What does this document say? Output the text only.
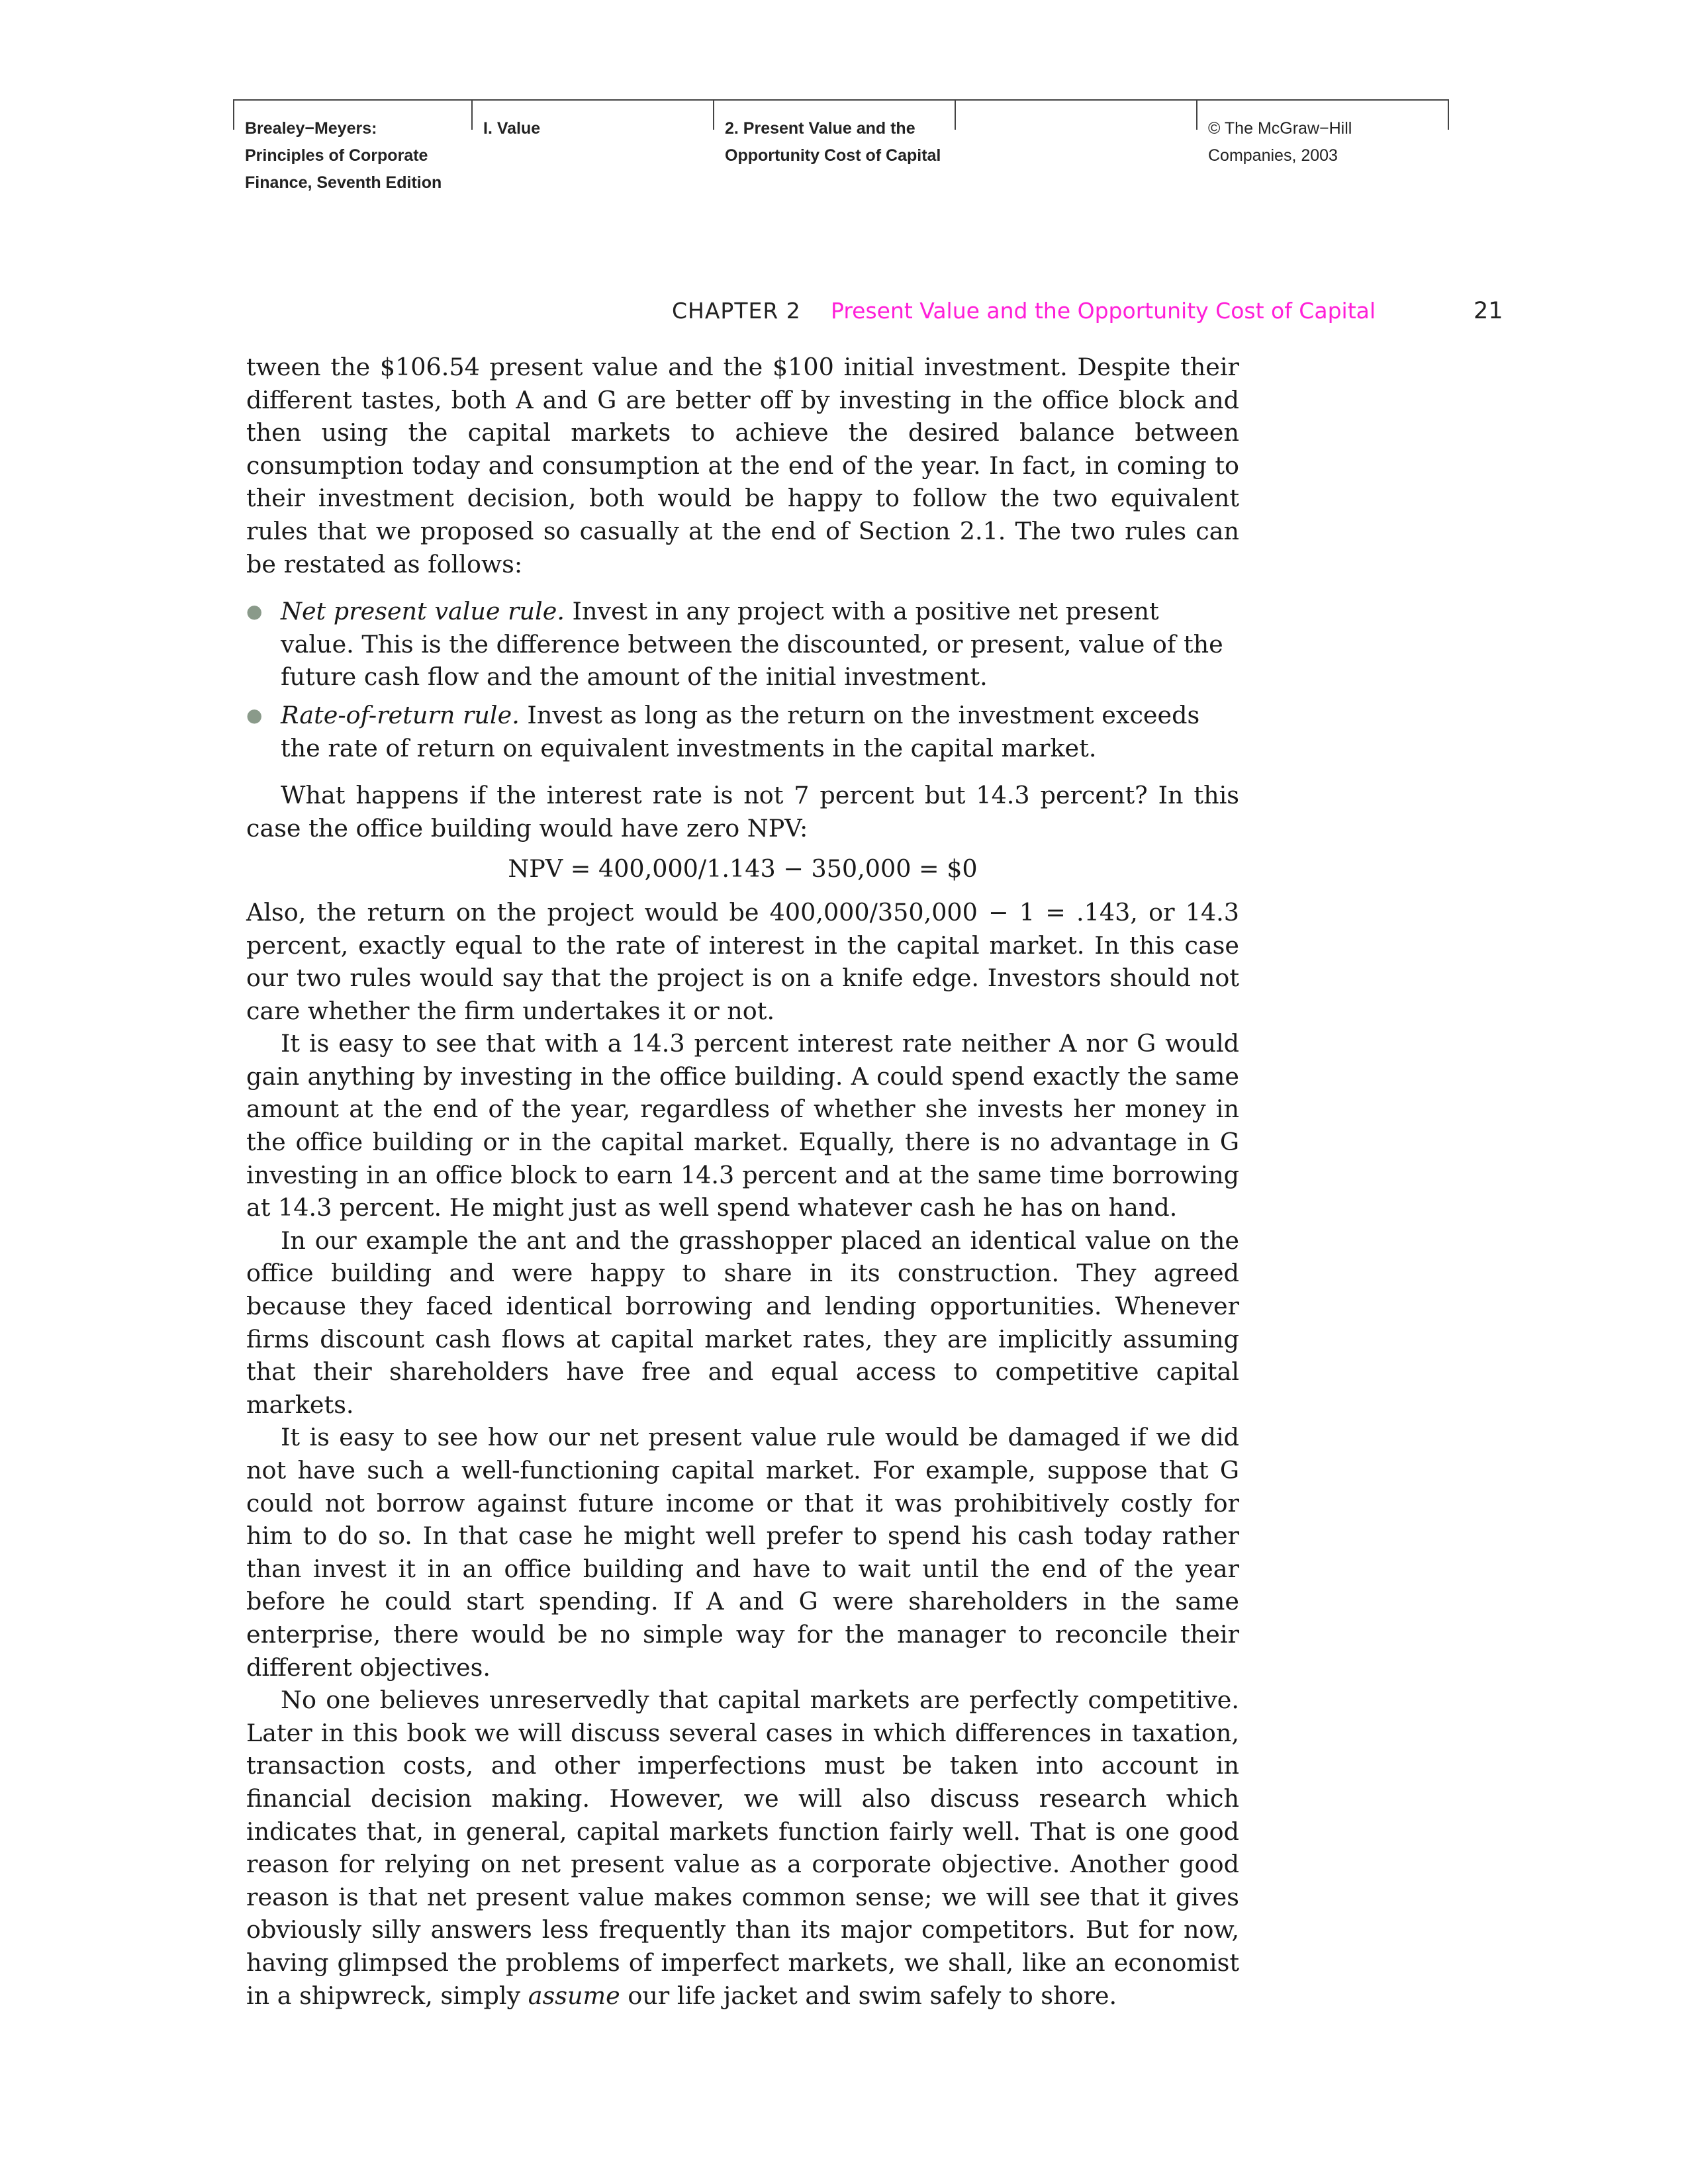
Brealey−Meyers:
Principles of Corporate
Finance, Seventh Edition
I. Value	2. Present Value and the
Opportunity Cost of Capital
© The McGraw−Hill
Companies, 2003
CHAPTER 2 Present Value and the Opportunity Cost of Capital	21

tween the $106.54 present value and the $100 initial investment. Despite their different tastes, both A and G are better off by investing in the office block and then using the capital markets to achieve the desired balance between consumption today and consumption at the end of the year. In fact, in coming to their investment decision, both would be happy to follow the two equivalent rules that we proposed so casually at the end of Section 2.1. The two rules can be restated as follows:

● Net present value rule. Invest in any project with a positive net present value. This is the difference between the discounted, or present, value of the future cash flow and the amount of the initial investment.
● Rate-of-return rule. Invest as long as the return on the investment exceeds the rate of return on equivalent investments in the capital market.

What happens if the interest rate is not 7 percent but 14.3 percent? In this case the office building would have zero NPV:

NPV = 400,000/1.143 − 350,000 = $0

Also, the return on the project would be 400,000/350,000 − 1 = .143, or 14.3 percent, exactly equal to the rate of interest in the capital market. In this case our two rules would say that the project is on a knife edge. Investors should not care whether the firm undertakes it or not.

It is easy to see that with a 14.3 percent interest rate neither A nor G would gain anything by investing in the office building. A could spend exactly the same amount at the end of the year, regardless of whether she invests her money in the office building or in the capital market. Equally, there is no advantage in G investing in an office block to earn 14.3 percent and at the same time borrowing at 14.3 percent. He might just as well spend whatever cash he has on hand.

In our example the ant and the grasshopper placed an identical value on the office building and were happy to share in its construction. They agreed because they faced identical borrowing and lending opportunities. Whenever firms discount cash flows at capital market rates, they are implicitly assuming that their shareholders have free and equal access to competitive capital markets.

It is easy to see how our net present value rule would be damaged if we did not have such a well-functioning capital market. For example, suppose that G could not borrow against future income or that it was prohibitively costly for him to do so. In that case he might well prefer to spend his cash today rather than invest it in an office building and have to wait until the end of the year before he could start spending. If A and G were shareholders in the same enterprise, there would be no simple way for the manager to reconcile their different objectives.

No one believes unreservedly that capital markets are perfectly competitive. Later in this book we will discuss several cases in which differences in taxation, transaction costs, and other imperfections must be taken into account in financial decision making. However, we will also discuss research which indicates that, in general, capital markets function fairly well. That is one good reason for relying on net present value as a corporate objective. Another good reason is that net present value makes common sense; we will see that it gives obviously silly answers less frequently than its major competitors. But for now, having glimpsed the problems of imperfect markets, we shall, like an economist in a shipwreck, simply assume our life jacket and swim safely to shore.
